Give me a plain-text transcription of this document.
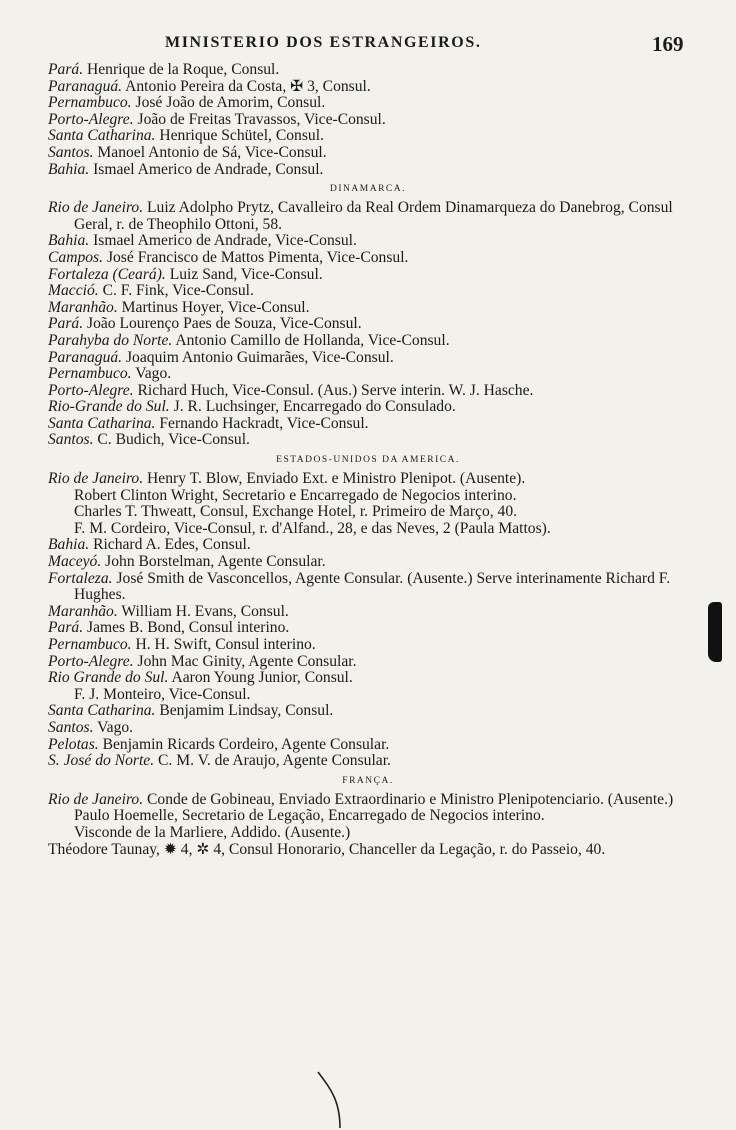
MINISTERIO DOS ESTRANGEIROS.	169
Pará. Henrique de la Roque, Consul.
Paranaguá. Antonio Pereira da Costa, ✠ 3, Consul.
Pernambuco. José João de Amorim, Consul.
Porto-Alegre. João de Freitas Travassos, Vice-Consul.
Santa Catharina. Henrique Schütel, Consul.
Santos. Manoel Antonio de Sá, Vice-Consul.
Bahia. Ismael Americo de Andrade, Consul.
DINAMARCA.
Rio de Janeiro. Luiz Adolpho Prytz, Cavalleiro da Real Ordem Dinamarqueza do Danebrog, Consul Geral, r. de Theophilo Ottoni, 58.
Bahia. Ismael Americo de Andrade, Vice-Consul.
Campos. José Francisco de Mattos Pimenta, Vice-Consul.
Fortaleza (Ceará). Luiz Sand, Vice-Consul.
Macció. C. F. Fink, Vice-Consul.
Maranhão. Martinus Hoyer, Vice-Consul.
Pará. João Lourenço Paes de Souza, Vice-Consul.
Parahyba do Norte. Antonio Camillo de Hollanda, Vice-Consul.
Paranaguá. Joaquim Antonio Guimarães, Vice-Consul.
Pernambuco. Vago.
Porto-Alegre. Richard Huch, Vice-Consul. (Aus.) Serve interin. W. J. Hasche.
Rio-Grande do Sul. J. R. Luchsinger, Encarregado do Consulado.
Santa Catharina. Fernando Hackradt, Vice-Consul.
Santos. C. Budich, Vice-Consul.
ESTADOS-UNIDOS DA AMERICA.
Rio de Janeiro. Henry T. Blow, Enviado Ext. e Ministro Plenipot. (Ausente).
Robert Clinton Wright, Secretario e Encarregado de Negocios interino.
Charles T. Thweatt, Consul, Exchange Hotel, r. Primeiro de Março, 40.
F. M. Cordeiro, Vice-Consul, r. d'Alfand., 28, e das Neves, 2 (Paula Mattos).
Bahia. Richard A. Edes, Consul.
Maceyó. John Borstelman, Agente Consular.
Fortaleza. José Smith de Vasconcellos, Agente Consular. (Ausente.) Serve interinamente Richard F. Hughes.
Maranhão. William H. Evans, Consul.
Pará. James B. Bond, Consul interino.
Pernambuco. H. H. Swift, Consul interino.
Porto-Alegre. John Mac Ginity, Agente Consular.
Rio Grande do Sul. Aaron Young Junior, Consul.
F. J. Monteiro, Vice-Consul.
Santa Catharina. Benjamim Lindsay, Consul.
Santos. Vago.
Pelotas. Benjamin Ricards Cordeiro, Agente Consular.
S. José do Norte. C. M. V. de Araujo, Agente Consular.
FRANÇA.
Rio de Janeiro. Conde de Gobineau, Enviado Extraordinario e Ministro Plenipotenciario. (Ausente.)
Paulo Hoemelle, Secretario de Legação, Encarregado de Negocios interino.
Visconde de la Marliere, Addido. (Ausente.)
Théodore Taunay, ✹ 4, ✲ 4, Consul Honorario, Chanceller da Legação, r. do Passeio, 40.
